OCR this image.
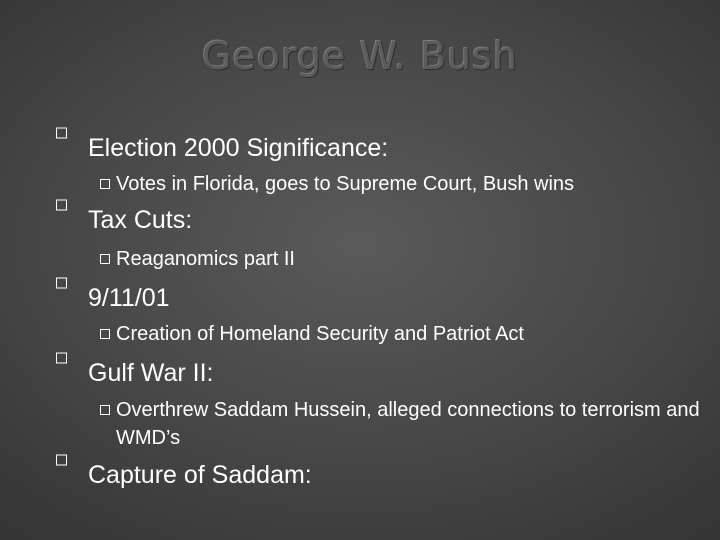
George W. Bush
Election 2000 Significance:
Votes in Florida, goes to Supreme Court, Bush wins
Tax Cuts:
Reaganomics part II
9/11/01
Creation of Homeland Security and Patriot Act
Gulf War II:
Overthrew Saddam Hussein, alleged connections to terrorism and WMD’s
Capture of Saddam:
